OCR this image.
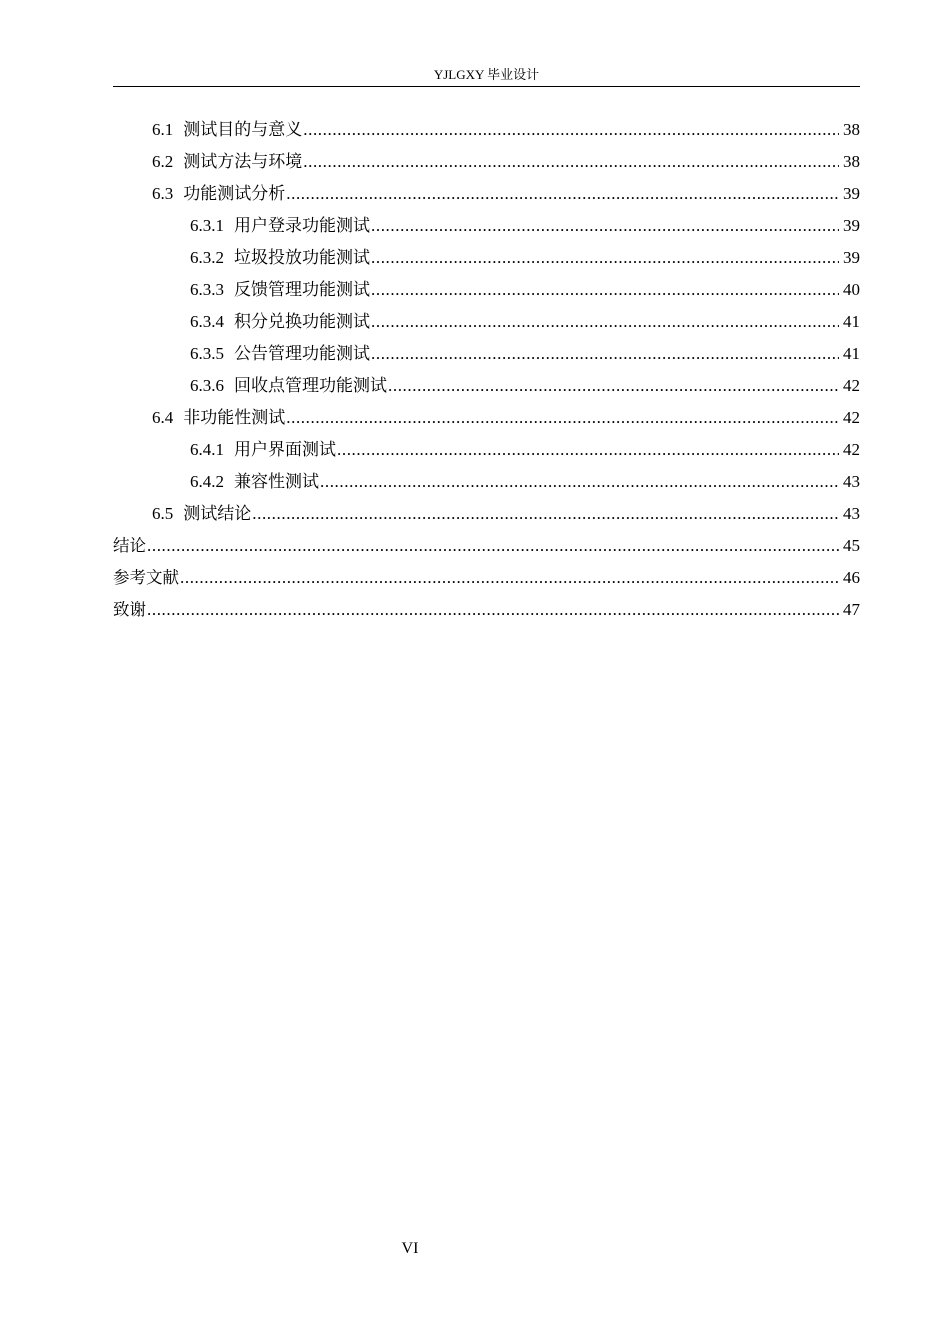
YJLGXY 毕业设计
6.1 测试目的与意义 .....	38
6.2 测试方法与环境 .....	38
6.3 功能测试分析 .....	39
6.3.1 用户登录功能测试 .....	39
6.3.2 垃圾投放功能测试 .....	39
6.3.3 反馈管理功能测试 .....	40
6.3.4 积分兑换功能测试 .....	41
6.3.5 公告管理功能测试 .....	41
6.3.6 回收点管理功能测试 .....	42
6.4 非功能性测试 .....	42
6.4.1 用户界面测试 .....	42
6.4.2 兼容性测试 .....	43
6.5 测试结论 .....	43
结论 .....	45
参考文献 .....	46
致谢 .....	47
VI
